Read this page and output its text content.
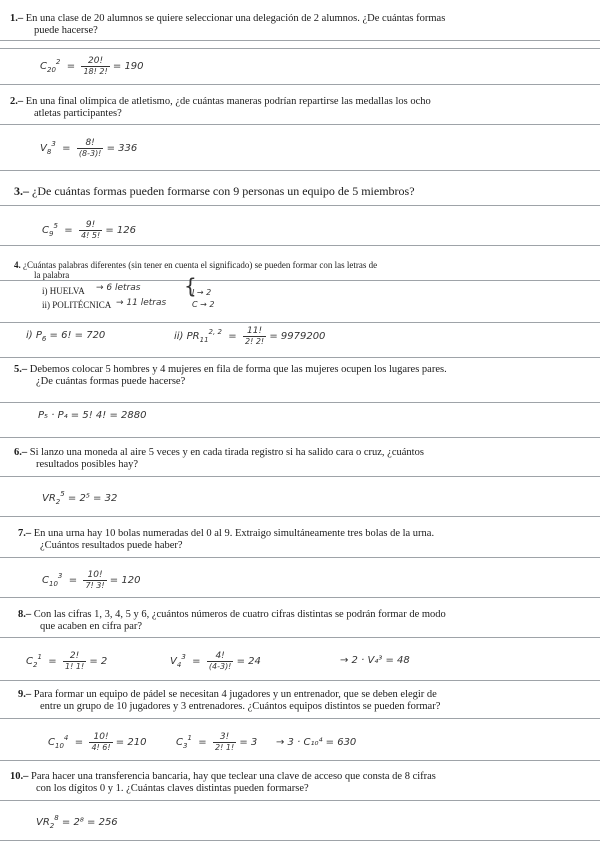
1.– En una clase de 20 alumnos se quiere seleccionar una delegación de 2 alumnos. ¿De cuántas formas
puede hacerse?
$C_{20}^2 = \frac{20!}{18! 2!} = 190$
2.– En una final olímpica de atletismo, ¿de cuántas maneras podrían repartirse las medallas los ocho
atletas participantes?
$V_8^3 = \frac{8!}{(8-3)!} = 336$
3.– ¿De cuántas formas pueden formarse con 9 personas un equipo de 5 miembros?
$C_9^5 = \frac{9!}{4! 5!} = 126$
4. ¿Cuántas palabras diferentes (sin tener en cuenta el significado) se pueden formar con las letras de
la palabra
i) HUELVA
ii) POLITÉCNICA
→ 6 letras
→ 11 letras
{
I → 2
C → 2
i) $P_6 = 6$! = 720	ii) $PR_{11}^{2, 2} = \frac{11!}{2! 2!} = 9979200$
5.– Debemos colocar 5 hombres y 4 mujeres en fila de forma que las mujeres ocupen los lugares pares.
¿De cuántas formas puede hacerse?
P₅ · P₄ = 5! 4! = 2880
6.– Si lanzo una moneda al aire 5 veces y en cada tirada registro si ha salido cara o cruz, ¿cuántos
resultados posibles hay?
$VR_2^5 = 2^5 = 32$
7.– En una urna hay 10 bolas numeradas del 0 al 9. Extraigo simultáneamente tres bolas de la urna.
¿Cuántos resultados puede haber?
$C_{10}^3 = \frac{10!}{7! 3!} = 120$
8.– Con las cifras 1, 3, 4, 5 y 6, ¿cuántos números de cuatro cifras distintas se podrán formar de modo
que acaben en cifra par?
$C_2^1 = \frac{2!}{1! 1!} = 2$	$V_4^3 = \frac{4!}{(4-3)!} = 24$	→ 2 · V₄³ = 48
9.– Para formar un equipo de pádel se necesitan 4 jugadores y un entrenador, que se deben elegir de
entre un grupo de 10 jugadores y 3 entrenadores. ¿Cuántos equipos distintos se pueden formar?
$C_{10}^4 = \frac{10!}{4! 6!} = 210$	$C_3^1 = \frac{3!}{2! 1!} = 3 \to 3 \cdot C_{10}^4 = 630$
10.– Para hacer una transferencia bancaria, hay que teclear una clave de acceso que consta de 8 cifras
con los dígitos 0 y 1. ¿Cuántas claves distintas pueden formarse?
$VR_2^8 = 2^8 = 256$
